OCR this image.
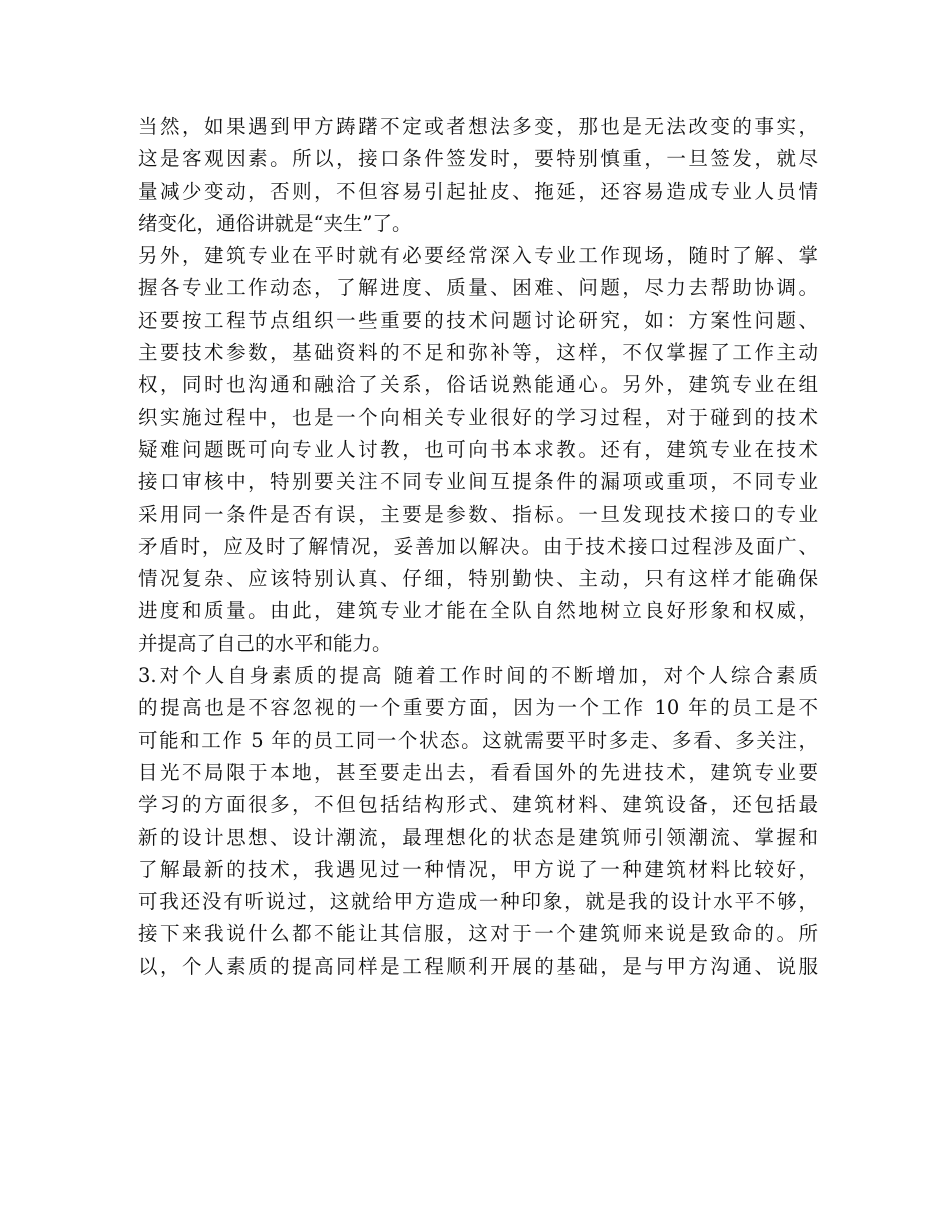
当然，如果遇到甲方踌躇不定或者想法多变，那也是无法改变的事实，
这是客观因素。所以，接口条件签发时，要特别慎重，一旦签发，就尽
量减少变动，否则，不但容易引起扯皮、拖延，还容易造成专业人员情
绪变化，通俗讲就是“夹生”了。
另外，建筑专业在平时就有必要经常深入专业工作现场，随时了解、掌
握各专业工作动态，了解进度、质量、困难、问题，尽力去帮助协调。
还要按工程节点组织一些重要的技术问题讨论研究，如：方案性问题、
主要技术参数，基础资料的不足和弥补等，这样，不仅掌握了工作主动
权，同时也沟通和融洽了关系，俗话说熟能通心。另外，建筑专业在组
织实施过程中，也是一个向相关专业很好的学习过程，对于碰到的技术
疑难问题既可向专业人讨教，也可向书本求教。还有，建筑专业在技术
接口审核中，特别要关注不同专业间互提条件的漏项或重项，不同专业
采用同一条件是否有误，主要是参数、指标。一旦发现技术接口的专业
矛盾时，应及时了解情况，妥善加以解决。由于技术接口过程涉及面广、
情况复杂、应该特别认真、仔细，特别勤快、主动，只有这样才能确保
进度和质量。由此，建筑专业才能在全队自然地树立良好形象和权威，
并提高了自己的水平和能力。
3.对个人自身素质的提高 随着工作时间的不断增加，对个人综合素质
的提高也是不容忽视的一个重要方面，因为一个工作 10 年的员工是不
可能和工作 5 年的员工同一个状态。这就需要平时多走、多看、多关注，
目光不局限于本地，甚至要走出去，看看国外的先进技术，建筑专业要
学习的方面很多，不但包括结构形式、建筑材料、建筑设备，还包括最
新的设计思想、设计潮流，最理想化的状态是建筑师引领潮流、掌握和
了解最新的技术，我遇见过一种情况，甲方说了一种建筑材料比较好，
可我还没有听说过，这就给甲方造成一种印象，就是我的设计水平不够，
接下来我说什么都不能让其信服，这对于一个建筑师来说是致命的。所
以，个人素质的提高同样是工程顺利开展的基础，是与甲方沟通、说服
